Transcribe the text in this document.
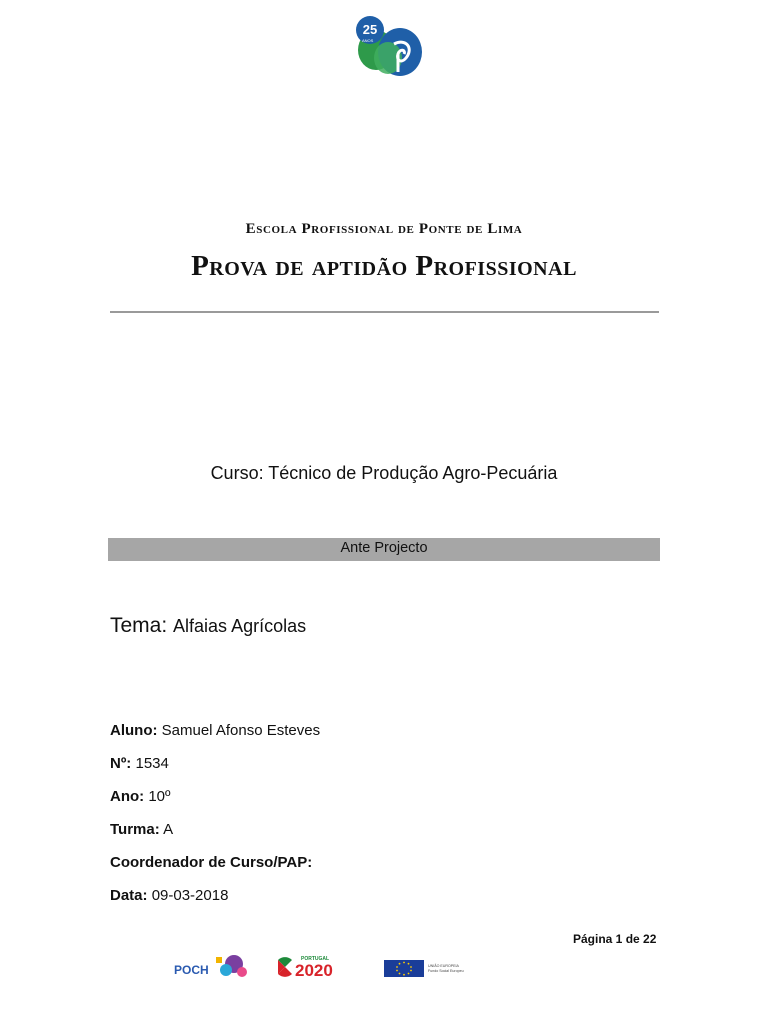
25
ANOS
Escola Profissional de Ponte de Lima
Prova de aptidão Profissional
Curso: Técnico de Produção Agro-Pecuária
Ante Projecto
Tema: Alfaias Agrícolas
Aluno: Samuel Afonso Esteves
Nº: 1534
Ano: 10º
Turma: A
Coordenador de Curso/PAP:
Data: 09-03-2018
Página 1 de 22
POCH
PORTUGAL
2020	UNIÃO EUROPEIA
Fundo Social Europeu
